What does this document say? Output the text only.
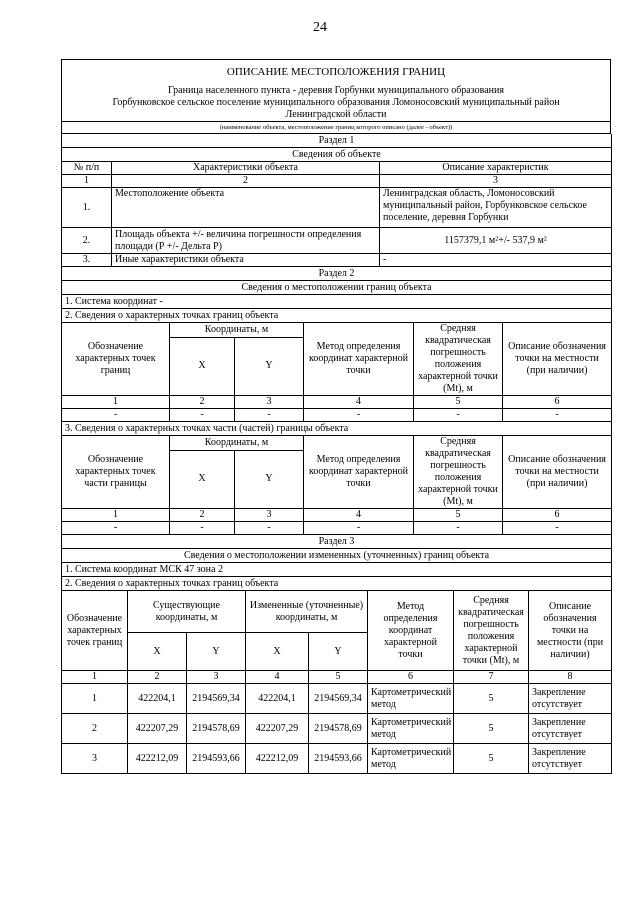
24
ОПИСАНИЕ МЕСТОПОЛОЖЕНИЯ ГРАНИЦ
Граница населенного пункта - деревня Горбунки муниципального образования
Горбунковское сельское поселение муниципального образования Ломоносовский муниципальный район
Ленинградской области
(наименование объекта, местоположение границ которого описано (далее - объект))
Раздел 1		
Сведения об объекте		
№ п/п	Характеристики объекта	Описание характеристик
1	2	3
1.	Местоположение объекта	Ленинградская область, Ломоносовский муниципальный район, Горбунковское сельское поселение, деревня Горбунки
2.	Площадь объекта +/- величина погрешности определения площади (Р +/- Дельта Р)	1157379,1 м²+/- 537,9 м²
3.	Иные характеристики объекта	-
Раздел 2					
Сведения о местоположении границ объекта					
1. Система координат -					
2. Сведения о характерных точках границ объекта					
Обозначение характерных точек границ	Координаты, м		Метод определения координат характерной точки	Средняя квадратическая погрешность положения характерной точки (Mt), м	Описание обозначения точки на местности (при наличии)
	X	Y			
1	2	3	4	5	6
-	-	-	-	-	-
3. Сведения о характерных точках части (частей) границы объекта					
Обозначение характерных точек части границы	Координаты, м		Метод определения координат характерной точки	Средняя квадратическая погрешность положения характерной точки (Mt), м	Описание обозначения точки на местности (при наличии)
	X	Y			
1	2	3	4	5	6
-	-	-	-	-	-
Раздел 3							
Сведения о местоположении измененных (уточненных) границ объекта							
1. Система координат МСК 47 зона 2							
2. Сведения о характерных точках границ объекта							
Обозначение характерных точек границ	Существующие координаты, м		Измененные (уточненные) координаты, м		Метод определения координат характерной точки	Средняя квадратическая погрешность положения характерной точки (Mt), м	Описание обозначения точки на местности (при наличии)
	X	Y	X	Y			
1	2	3	4	5	6	7	8
1	422204,1	2194569,34	422204,1	2194569,34	Картометрический метод	5	Закрепление отсутствует
2	422207,29	2194578,69	422207,29	2194578,69	Картометрический метод	5	Закрепление отсутствует
3	422212,09	2194593,66	422212,09	2194593,66	Картометрический метод	5	Закрепление отсутствует
